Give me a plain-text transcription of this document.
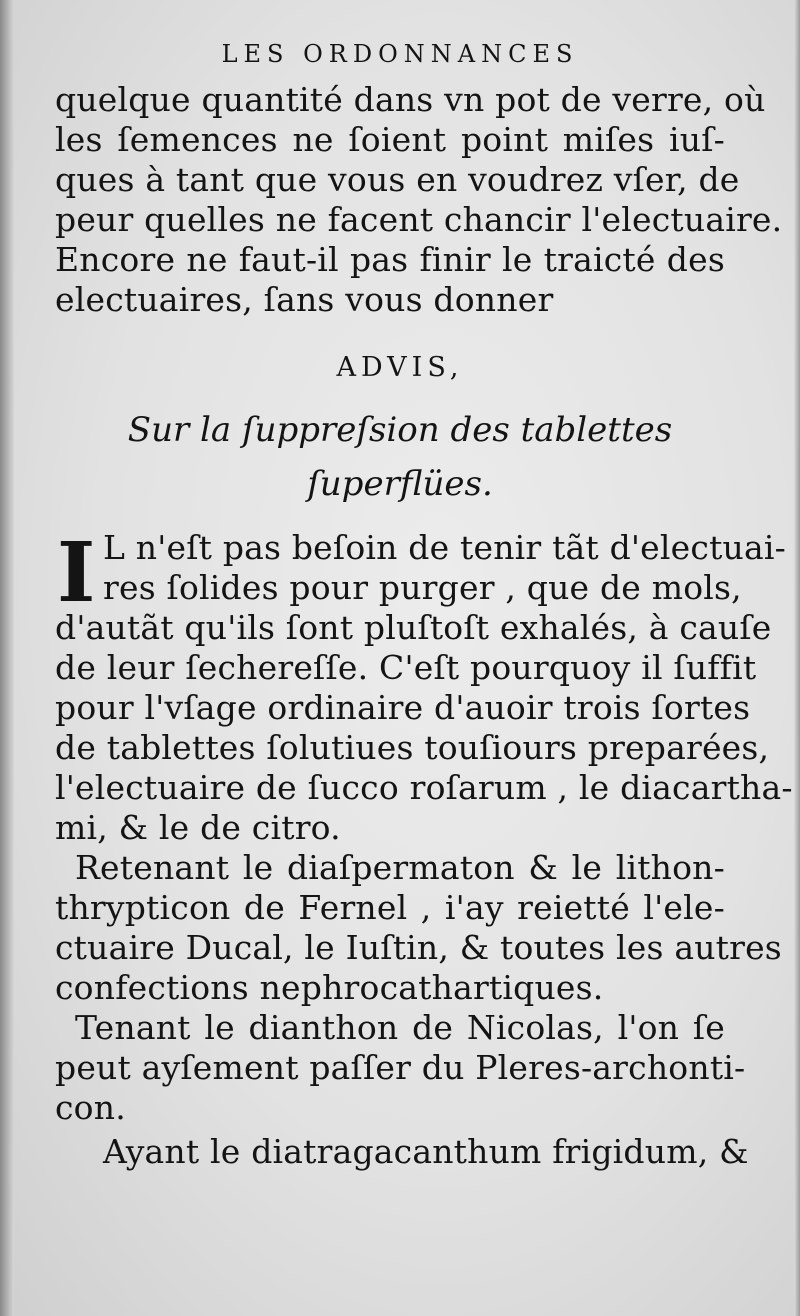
LES ORDONNANCES
quelque quantité dans vn pot de verre, où
les ſemences ne ſoient point miſes iuſ-
ques à tant que vous en voudrez vſer, de
peur quelles ne facent chancir l'electuaire.
Encore ne faut-il pas finir le traicté des
electuaires, ſans vous donner
ADVIS,
Sur la ſuppreſsion des tablettes
ſuperflües.
I L n'eſt pas beſoin de tenir tãt d'electuai-
res ſolides pour purger , que de mols,
d'autãt qu'ils ſont pluſtoſt exhalés, à cauſe
de leur ſechereſſe. C'eſt pourquoy il ſuffit
pour l'vſage ordinaire d'auoir trois ſortes
de tablettes ſolutiues touſiours preparées,
l'electuaire de ſucco roſarum , le diacartha-
mi, & le de citro.
Retenant le diaſpermaton & le lithon-
thrypticon de Fernel , i'ay reietté l'ele-
ctuaire Ducal, le Iuſtin, & toutes les autres
confections nephrocathartiques.
Tenant le dianthon de Nicolas, l'on ſe
peut ayſement paſſer du Pleres-archonti-
con.
Ayant le diatragacanthum frigidum, &
